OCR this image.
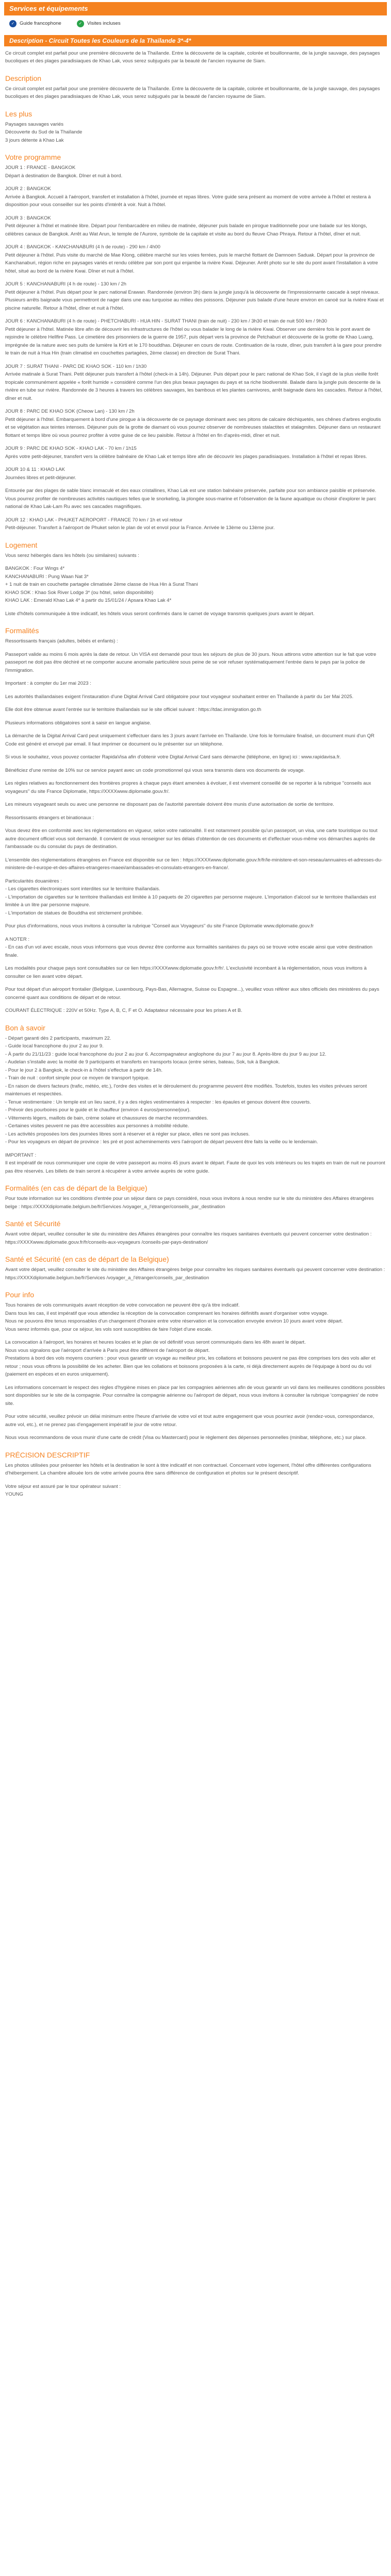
Services et équipements
✓	Guide francophone	✓	Visites incluses
Description - Circuit Toutes les Couleurs de la Thaïlande 3*-4*

Ce circuit complet est parfait pour une première découverte de la Thaïlande. Entre la découverte de la capitale, colorée et bouillonnante, de la jungle sauvage, des paysages bucoliques et des plages paradisiaques de Khao Lak, vous serez subjugués par la beauté de l'ancien royaume de Siam.

Description

Ce circuit complet est parfait pour une première découverte de la Thaïlande. Entre la découverte de la capitale, colorée et bouillonnante, de la jungle sauvage, des paysages bucoliques et des plages paradisiaques de Khao Lak, vous serez subjugués par la beauté de l'ancien royaume de Siam.

Les plus
Paysages sauvages variés
Découverte du Sud de la Thaïlande
3 jours détente à Khao Lak
Votre programme
JOUR 1 : FRANCE - BANGKOK

Départ à destination de Bangkok. Dîner et nuit à bord.

JOUR 2 : BANGKOK

Arrivée à Bangkok. Accueil à l'aéroport, transfert et installation à l'hôtel, journée et repas libres. Votre guide sera présent au moment de votre arrivée à l'hôtel et restera à disposition pour vous conseiller sur les points d'intérêt à voir. Nuit à l'hôtel.

JOUR 3 : BANGKOK

Petit déjeuner à l'hôtel et matinée libre. Départ pour l'embarcadère en milieu de matinée, déjeuner puis balade en pirogue traditionnelle pour une balade sur les klongs, célèbres canaux de Bangkok. Arrêt au Wat Arun, le temple de l'Aurore, symbole de la capitale et visite au bord du fleuve Chao Phraya. Retour à l'hôtel, dîner et nuit.

JOUR 4 : BANGKOK - KANCHANABURI (4 h de route) - 290 km / 4h00

Petit déjeuner à l'hôtel. Puis visite du marché de Mae Klong, célèbre marché sur les voies ferrées, puis le marché flottant de Damnoen Saduak. Départ pour la province de Kanchanaburi, région riche en paysages variés et rendu célèbre par son pont qui enjambe la rivière Kwai. Déjeuner. Arrêt photo sur le site du pont avant l'installation à votre hôtel, situé au bord de la rivière Kwai. Dîner et nuit à l'hôtel.

JOUR 5 : KANCHANABURI (4 h de route) - 130 km / 2h

Petit déjeuner à l'hôtel. Puis départ pour le parc national Erawan. Randonnée (environ 3h) dans la jungle jusqu'à la découverte de l'impressionnante cascade à sept niveaux. Plusieurs arrêts baignade vous permettront de nager dans une eau turquoise au milieu des poissons. Déjeuner puis balade d'une heure environ en canoë sur la rivière Kwai et piscine naturelle. Retour à l'hôtel, dîner et nuit à l'hôtel.

JOUR 6 : KANCHANABURI (4 h de route) - PHETCHABURI - HUA HIN - SURAT THANI (train de nuit) - 230 km / 3h30 et train de nuit 500 km / 9h30

Petit déjeuner à l'hôtel. Matinée libre afin de découvrir les infrastructures de l'hôtel ou vous balader le long de la rivière Kwai. Observer une dernière fois le pont avant de rejoindre le célèbre Hellfire Pass. Le cimetière des prisonniers de la guerre de 1957, puis départ vers la province de Petchaburi et découverte de la grotte de Khao Luang, imprégnée de la nature avec ses puits de lumière la Kirti et le 170 bouddhas. Déjeuner en cours de route. Continuation de la route, dîner, puis transfert à la gare pour prendre le train de nuit à Hua Hin (train climatisé en couchettes partagées, 2ème classe) en direction de Surat Thani.

JOUR 7 : SURAT THANI - PARC DE KHAO SOK - 110 km / 1h30

Arrivée matinale à Surat Thani. Petit déjeuner puis transfert à l'hôtel (check-in à 14h). Déjeuner. Puis départ pour le parc national de Khao Sok, il s'agit de la plus vieille forêt tropicale communément appelée « forêt humide » considéré comme l'un des plus beaux paysages du pays et sa riche biodiversité. Balade dans la jungle puis descente de la rivière en tube sur rivière. Randonnée de 3 heures à travers les célèbres sauvages, les bambous et les plantes carnivores, arrêt baignade dans les cascades. Retour à l'hôtel, dîner et nuit.

JOUR 8 : PARC DE KHAO SOK (Cheow Lan) - 130 km / 2h

Petit déjeuner à l'hôtel. Embarquement à bord d'une pirogue à la découverte de ce paysage dominant avec ses pitons de calcaire déchiquetés, ses chênes d'arbres engloutis et se végétation aux teintes intenses. Déjeuner puis de la grotte de diamant où vous pourrez observer de nombreuses stalactites et stalagmites. Déjeuner dans un restaurant flottant et temps libre où vous pourrez profiter à votre guise de ce lieu paisible. Retour à l'hôtel en fin d'après-midi, dîner et nuit.

JOUR 9 : PARC DE KHAO SOK - KHAO LAK - 70 km / 1h15

Après votre petit-déjeuner, transfert vers la célèbre balnéaire de Khao Lak et temps libre afin de découvrir les plages paradisiaques. Installation à l'hôtel et repas libres.

JOUR 10 & 11 : KHAO LAK

Journées libres et petit-déjeuner.

Entourée par des plages de sable blanc immaculé et des eaux cristallines, Khao Lak est une station balnéaire préservée, parfaite pour son ambiance paisible et préservée. Vous pourrez profiter de nombreuses activités nautiques telles que le snorkeling, la plongée sous-marine et l'observation de la faune aquatique ou choisir d'explorer le parc national de Khao Lak-Lam Ru avec ses cascades magnifiques.

JOUR 12 : KHAO LAK - PHUKET AEROPORT - FRANCE 70 km / 1h et vol retour

Petit-déjeuner. Transfert à l'aéroport de Phuket selon le plan de vol et envol pour la France. Arrivée le 13ème ou 13ème jour.

Logement

Vous serez hébergés dans les hôtels (ou similaires) suivants :

BANGKOK : Four Wings 4*
KANCHANABURI : Pung Waan Nat 3*
+ 1 nuit de train en couchette partagée climatisée 2ème classe de Hua Hin à Surat Thani
KHAO SOK : Khao Sok River Lodge 3* (ou hôtel, selon disponibilité)
KHAO LAK : Emerald Khao Lak 4* à partir du 15/01/24 / Apsara Khao Lak 4*

Liste d'hôtels communiquée à titre indicatif, les hôtels vous seront confirmés dans le carnet de voyage transmis quelques jours avant le départ.

Formalités

Ressortissants français (adultes, bébés et enfants) :

Passeport valide au moins 6 mois après la date de retour. Un VISA est demandé pour tous les séjours de plus de 30 jours. Nous attirons votre attention sur le fait que votre passeport ne doit pas être déchiré et ne comporter aucune anomalie particulière sous peine de se voir refuser systématiquement l'entrée dans le pays par la police de l'immigration.

Important : à compter du 1er mai 2023 :

Les autorités thaïlandaises exigent l'instauration d'une Digital Arrival Card obligatoire pour tout voyageur souhaitant entrer en Thaïlande à partir du 1er Mai 2025.

Elle doit être obtenue avant l'entrée sur le territoire thaïlandais sur le site officiel suivant : https://tdac.immigration.go.th

Plusieurs informations obligatoires sont à saisir en langue anglaise.

La démarche de la Digital Arrival Card peut uniquement s'effectuer dans les 3 jours avant l'arrivée en Thaïlande. Une fois le formulaire finalisé, un document muni d'un QR Code est généré et envoyé par email. Il faut imprimer ce document ou le présenter sur un téléphone.

Si vous le souhaitez, vous pouvez contacter RapidaVisa afin d'obtenir votre Digital Arrival Card sans démarche (téléphone, en ligne) ici : www.rapidavisa.fr.

Bénéficiez d'une remise de 10% sur ce service payant avec un code promotionnel qui vous sera transmis dans vos documents de voyage.

Les règles relatives au fonctionnement des frontières propres à chaque pays étant amenées à évoluer, il est vivement conseillé de se reporter à la rubrique "conseils aux voyageurs" du site France Diplomatie, https://XXXXwww.diplomatie.gouv.fr/.

Les mineurs voyageant seuls ou avec une personne ne disposant pas de l'autorité parentale doivent être munis d'une autorisation de sortie de territoire.

Ressortissants étrangers et binationaux :

Vous devez être en conformité avec les réglementations en vigueur, selon votre nationalité. Il est notamment possible qu'un passeport, un visa, une carte touristique ou tout autre document officiel vous soit demandé. Il convient de vous renseigner sur les délais d'obtention de ces documents et d'effectuer vous-même vos démarches auprès de l'ambassade ou du consulat du pays de destination.

L'ensemble des réglementations étrangères en France est disponible sur ce lien : https://XXXXwww.diplomatie.gouv.fr/fr/le-ministere-et-son-reseau/annuaires-et-adresses-du-ministere-de-l-europe-et-des-affaires-etrangeres-maeei/ambassades-et-consulats-etrangers-en-france/.

Particularités douanières :

- Les cigarettes électroniques sont interdites sur le territoire thaïlandais.
- L'importation de cigarettes sur le territoire thaïlandais est limitée à 10 paquets de 20 cigarettes par personne majeure. L'importation d'alcool sur le territoire thaïlandais est limitée à un litre par personne majeure.
- L'importation de statues de Bouddha est strictement prohibée.

Pour plus d'informations, nous vous invitons à consulter la rubrique "Conseil aux Voyageurs" du site France Diplomatie www.diplomatie.gouv.fr

A NOTER :

- En cas d'un vol avec escale, nous vous informons que vous devrez être conforme aux formalités sanitaires du pays où se trouve votre escale ainsi que votre destination finale.

Les modalités pour chaque pays sont consultables sur ce lien https://XXXXwww.diplomatie.gouv.fr/fr/. L'exclusivité incombant à la réglementation, nous vous invitons à consulter ce lien avant votre départ.

Pour tout départ d'un aéroport frontalier (Belgique, Luxembourg, Pays-Bas, Allemagne, Suisse ou Espagne...), veuillez vous référer aux sites officiels des ministères du pays concerné quant aux conditions de départ et de retour.

COURANT ÉLECTRIQUE : 220V et 50Hz. Type A, B, C, F et O. Adaptateur nécessaire pour les prises A et B.

Bon à savoir
- Départ garanti dès 2 participants, maximum 22.
- Guide local francophone du jour 2 au jour 9.
- À partir du 21/11/23 : guide local francophone du jour 2 au jour 6. Accompagnateur anglophone du jour 7 au jour 8. Après-libre du jour 9 au jour 12.
- Audelan s'installe avec la moitié de 9 participants et transferts en transports locaux (entre séries, bateau, Sok, tuk à Bangkok.
- Pour le jour 2 à Bangkok, le check-in à l'hôtel s'effectue à partir de 14h.
- Train de nuit : confort simple pour ce moyen de transport typique.
- En raison de divers facteurs (trafic, météo, etc.), l'ordre des visites et le déroulement du programme peuvent être modifiés. Toutefois, toutes les visites prévues seront maintenues et respectées.
- Tenue vestimentaire : Un temple est un lieu sacré, il y a des règles vestimentaires à respecter : les épaules et genoux doivent être couverts.
- Prévoir des pourboires pour le guide et le chauffeur (environ 4 euros/personne/jour).
- Vêtements légers, maillots de bain, crème solaire et chaussures de marche recommandées.
- Certaines visites peuvent ne pas être accessibles aux personnes à mobilité réduite.
- Les activités proposées lors des journées libres sont à réserver et à régler sur place, elles ne sont pas incluses.
- Pour les voyageurs en départ de province : les pré et post acheminements vers l'aéroport de départ peuvent être faits la veille ou le lendemain.

IMPORTANT :

Il est impératif de nous communiquer une copie de votre passeport au moins 45 jours avant le départ. Faute de quoi les vols intérieurs ou les trajets en train de nuit ne pourront pas être réservés. Les billets de train seront à récupérer à votre arrivée auprès de votre guide.

Formalités (en cas de départ de la Belgique)

Pour toute information sur les conditions d'entrée pour un séjour dans ce pays considéré, nous vous invitons à nous rendre sur le site du ministère des Affaires étrangères belge : https://XXXXdiplomatie.belgium.be/fr/Services /voyager_a_l'étranger/conseils_par_destination

Santé et Sécurité

Avant votre départ, veuillez consulter le site du ministère des Affaires étrangères pour connaître les risques sanitaires éventuels qui peuvent concerner votre destination : https://XXXXwww.diplomatie.gouv.fr/fr/conseils-aux-voyageurs /conseils-par-pays-destination/

Santé et Sécurité (en cas de départ de la Belgique)

Avant votre départ, veuillez consulter le site du ministère des Affaires étrangères belge pour connaître les risques sanitaires éventuels qui peuvent concerner votre destination : https://XXXXdiplomatie.belgium.be/fr/Services /voyager_a_l'étranger/conseils_par_destination

Pour info

Tous horaires de vols communiqués avant réception de votre convocation ne peuvent être qu'à titre indicatif.

Dans tous les cas, il est impératif que vous attendiez la réception de la convocation comprenant les horaires définitifs avant d'organiser votre voyage.

Nous ne pouvons être tenus responsables d'un changement d'horaire entre votre réservation et la convocation envoyée environ 10 jours avant votre départ.

Vous serez informés que, pour ce séjour, les vols sont susceptibles de faire l'objet d'une escale.

La convocation à l'aéroport, les horaires et heures locales et le plan de vol définitif vous seront communiqués dans les 48h avant le départ.

Nous vous signalons que l'aéroport d'arrivée à Paris peut être différent de l'aéroport de départ.

Prestations à bord des vols moyens courriers : pour vous garantir un voyage au meilleur prix, les collations et boissons peuvent ne pas être comprises lors des vols aller et retour ; nous vous offrons la possibilité de les acheter. Bien que les collations et boissons proposées à la carte, ni déjà directement auprès de l'équipage à bord ou du vol (paiement en espèces et en euros uniquement).

Les informations concernant le respect des règles d'hygiène mises en place par les compagnies aériennes afin de vous garantir un vol dans les meilleures conditions possibles sont disponibles sur le site de la compagnie. Pour connaître la compagnie aérienne ou l'aéroport de départ, nous vous invitons à consulter la rubrique 'compagnies' de notre site.

Pour votre sécurité, veuillez prévoir un délai minimum entre l'heure d'arrivée de votre vol et tout autre engagement que vous pourriez avoir (rendez-vous, correspondance, autre vol, etc.), et ne prenez pas d'engagement impératif le jour de votre retour.

Nous vous recommandons de vous munir d'une carte de crédit (Visa ou Mastercard) pour le règlement des dépenses personnelles (minibar, téléphone, etc.) sur place.

PRÉCISION DESCRIPTIF

Les photos utilisées pour présenter les hôtels et la destination le sont à titre indicatif et non contractuel. Concernant votre logement, l'hôtel offre différentes configurations d'hébergement. La chambre allouée lors de votre arrivée pourra être sans différence de configuration et photos sur le présent descriptif.

Votre séjour est assuré par le tour opérateur suivant :

YOUNG
